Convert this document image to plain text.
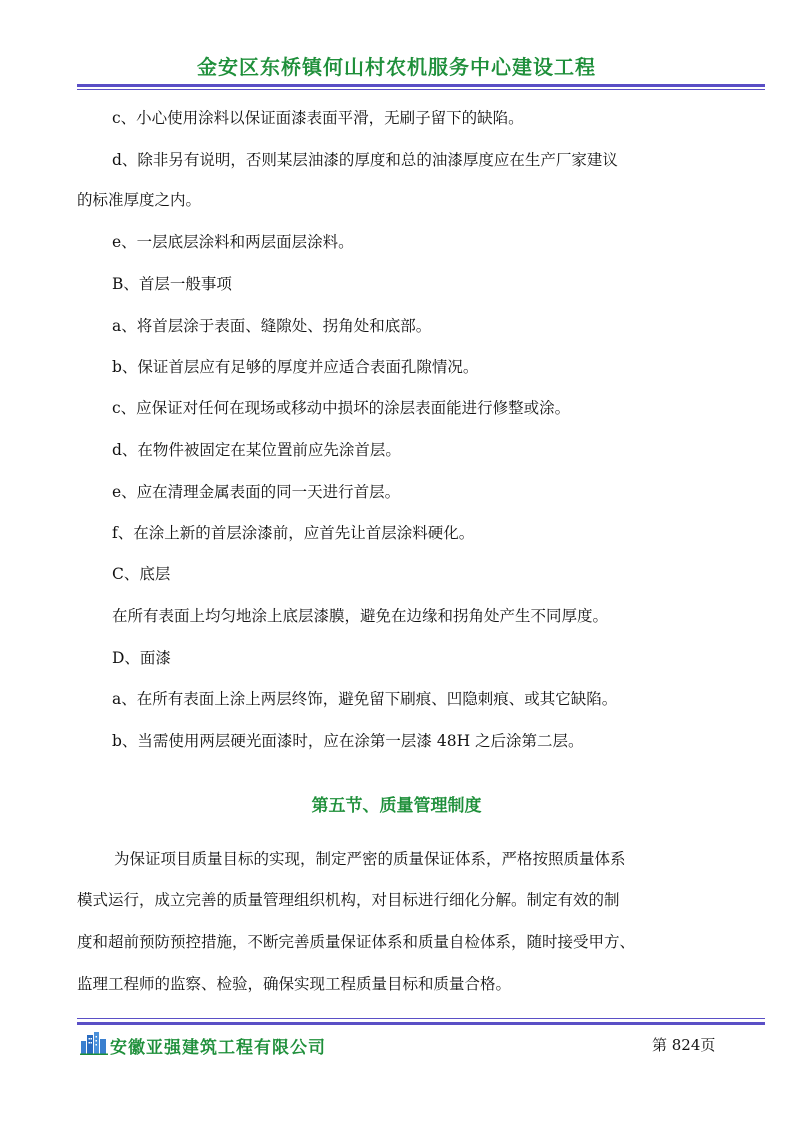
金安区东桥镇何山村农机服务中心建设工程
c、小心使用涂料以保证面漆表面平滑，无刷子留下的缺陷。
d、除非另有说明，否则某层油漆的厚度和总的油漆厚度应在生产厂家建议
的标准厚度之内。
e、一层底层涂料和两层面层涂料。
B、首层一般事项
a、将首层涂于表面、缝隙处、拐角处和底部。
b、保证首层应有足够的厚度并应适合表面孔隙情况。
c、应保证对任何在现场或移动中损坏的涂层表面能进行修整或涂。
d、在物件被固定在某位置前应先涂首层。
e、应在清理金属表面的同一天进行首层。
f、在涂上新的首层涂漆前，应首先让首层涂料硬化。
C、底层
在所有表面上均匀地涂上底层漆膜，避免在边缘和拐角处产生不同厚度。
D、面漆
a、在所有表面上涂上两层终饰，避免留下刷痕、凹隐刺痕、或其它缺陷。
b、当需使用两层硬光面漆时，应在涂第一层漆 48H 之后涂第二层。
第五节、质量管理制度
为保证项目质量目标的实现，制定严密的质量保证体系，严格按照质量体系
模式运行，成立完善的质量管理组织机构，对目标进行细化分解。制定有效的制
度和超前预防预控措施，不断完善质量保证体系和质量自检体系，随时接受甲方、
监理工程师的监察、检验，确保实现工程质量目标和质量合格。
安徽亚强建筑工程有限公司	第 824页
